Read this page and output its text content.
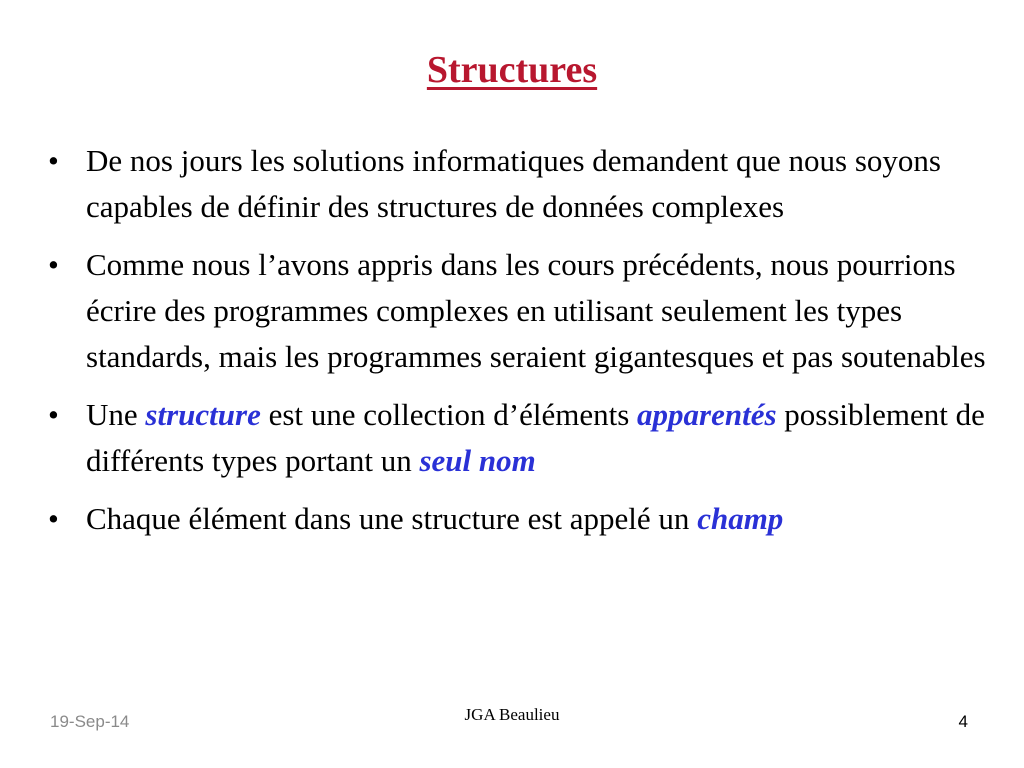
Structures
• De nos jours les solutions informatiques demandent que nous soyons capables de définir des structures de données complexes
• Comme nous l’avons appris dans les cours précédents, nous pourrions écrire des programmes complexes en utilisant seulement les types standards, mais les programmes seraient gigantesques et pas soutenables
• Une structure est une collection d’éléments apparentés possiblement de différents types portant un seul nom
• Chaque élément dans une structure est appelé un champ
19-Sep-14	JGA Beaulieu	4
